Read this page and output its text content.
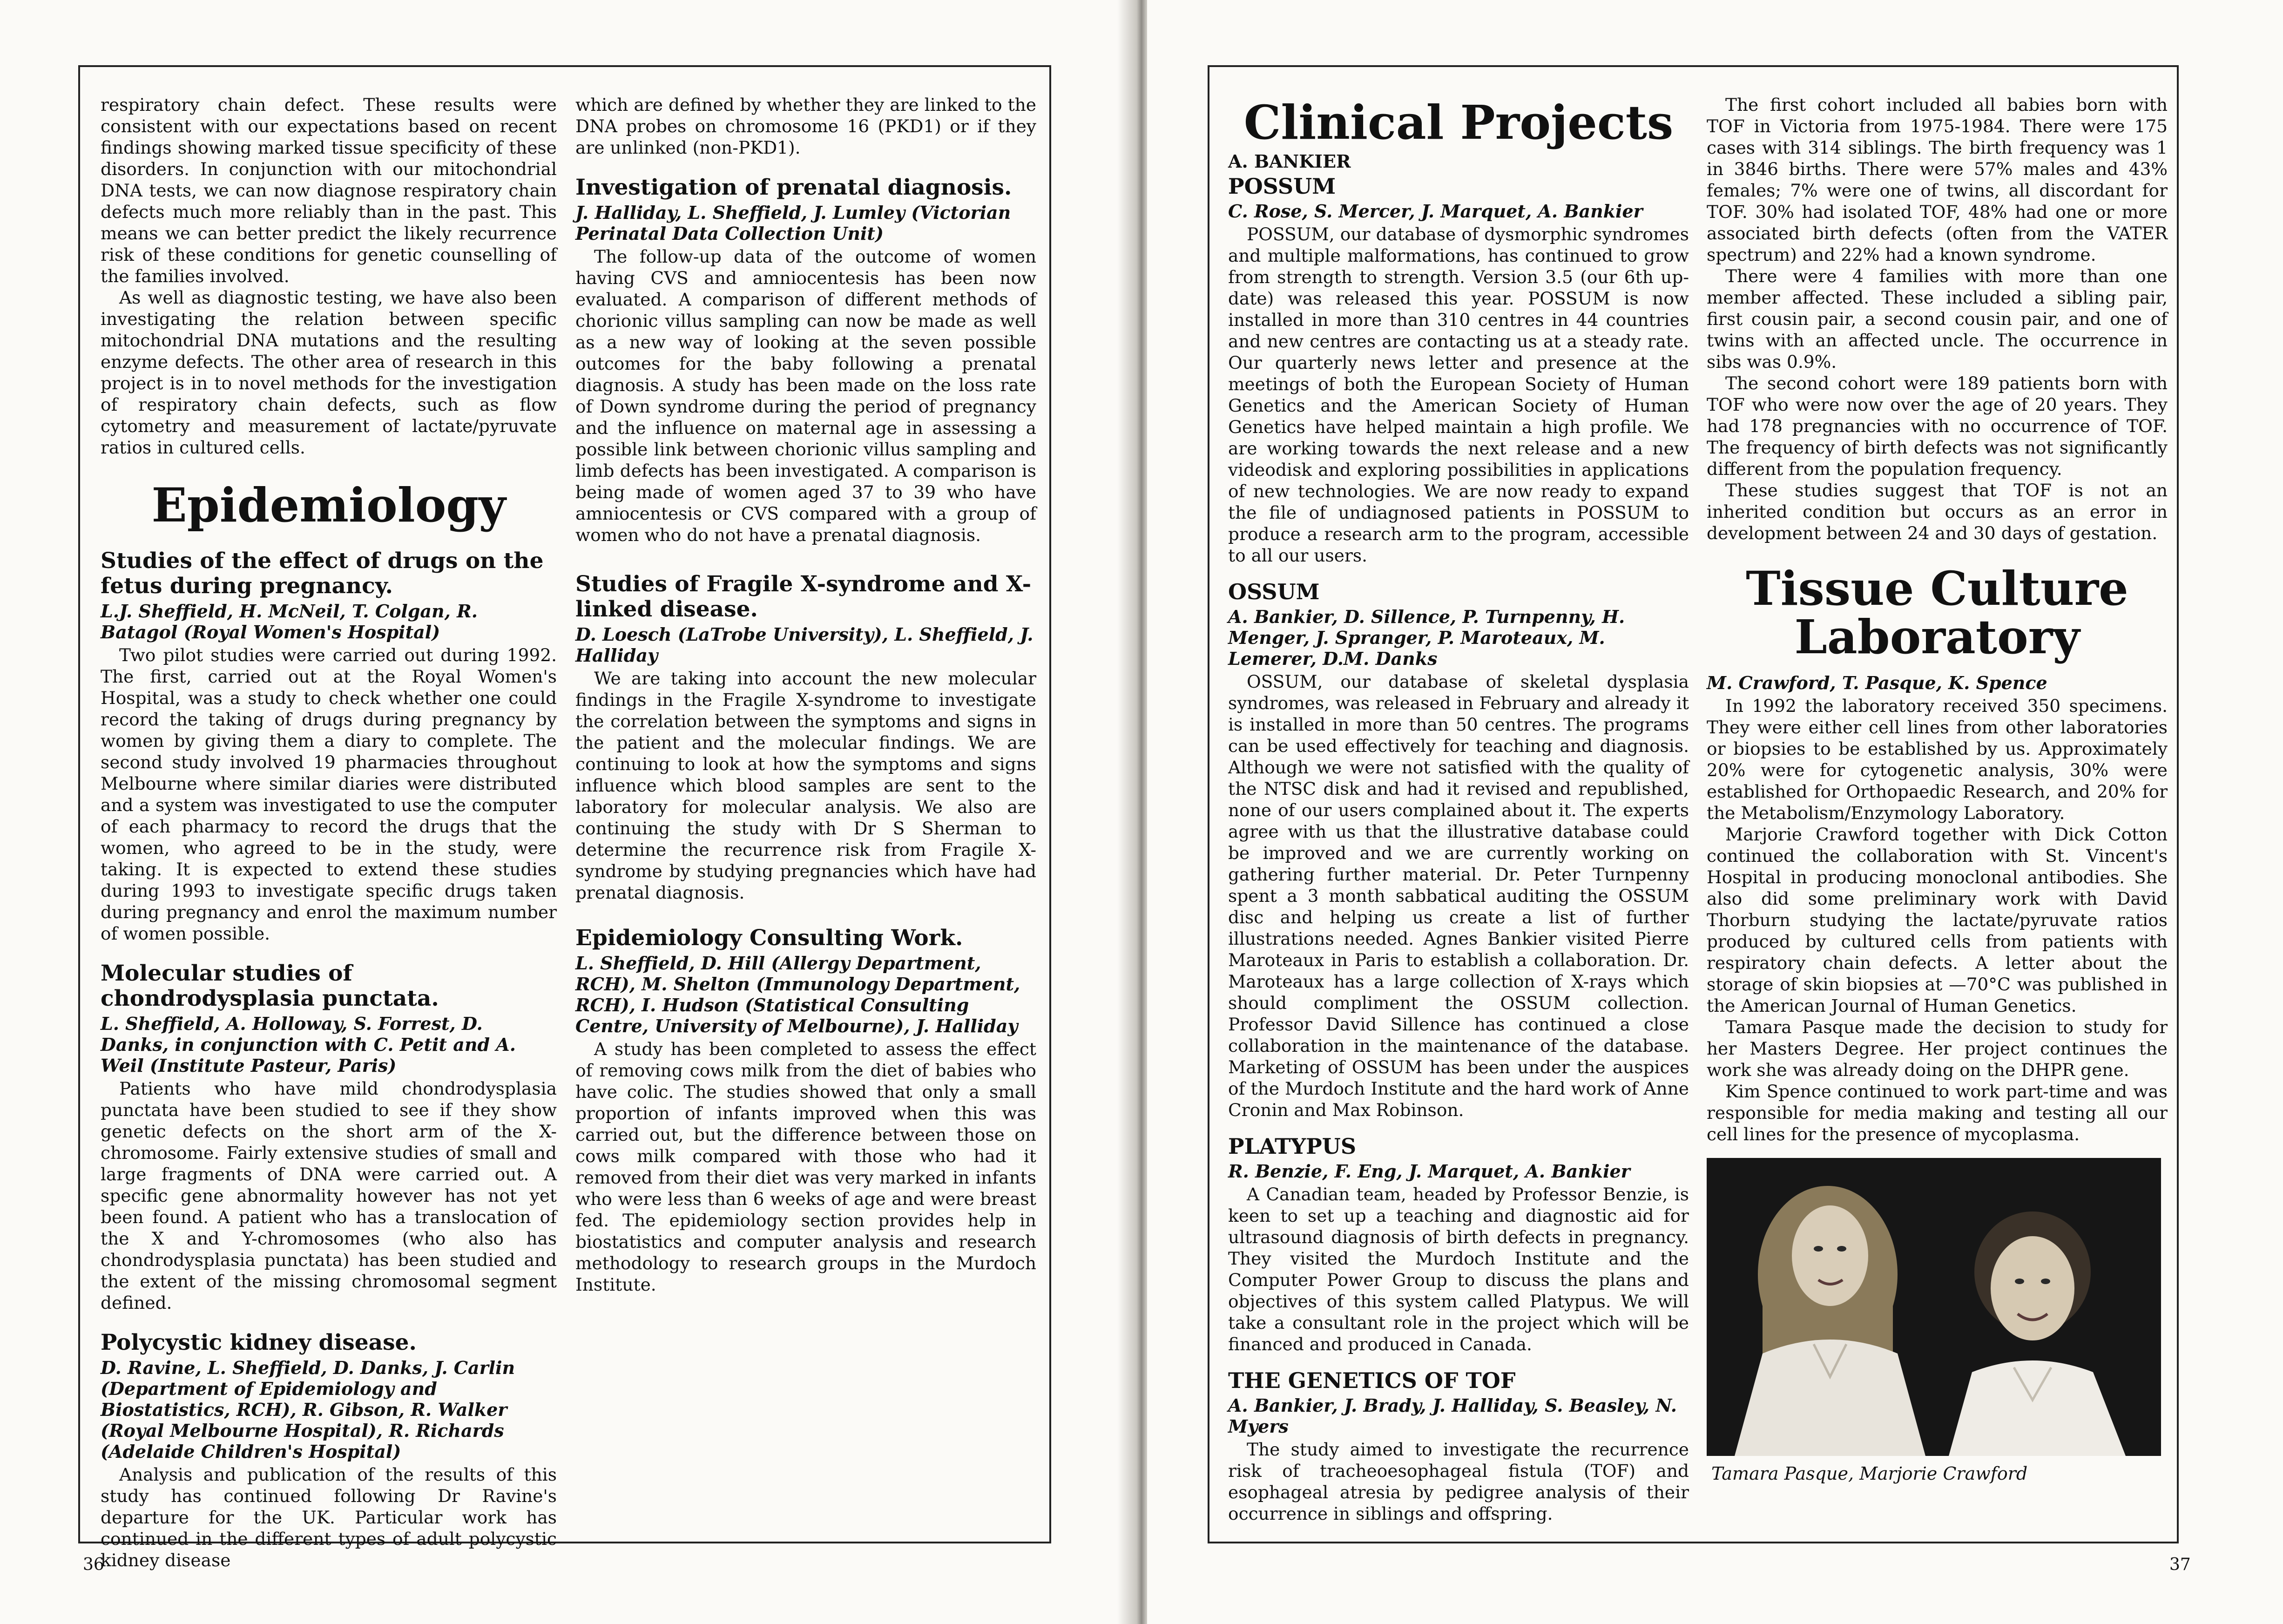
respiratory chain defect. These results were consistent with our expectations based on recent findings showing marked tissue specificity of these disorders. In conjunction with our mitochondrial DNA tests, we can now diagnose respiratory chain defects much more reliably than in the past. This means we can better predict the likely recurrence risk of these conditions for genetic counselling of the families involved.

As well as diagnostic testing, we have also been investigating the relation between specific mitochondrial DNA mutations and the resulting enzyme defects. The other area of research in this project is in to novel methods for the investigation of respiratory chain defects, such as flow cytometry and measurement of lactate/pyruvate ratios in cultured cells.

Epidemiology
Studies of the effect of drugs on the fetus during pregnancy.
L.J. Sheffield, H. McNeil, T. Colgan, R. Batagol (Royal Women's Hospital)

Two pilot studies were carried out during 1992. The first, carried out at the Royal Women's Hospital, was a study to check whether one could record the taking of drugs during pregnancy by women by giving them a diary to complete. The second study involved 19 pharmacies throughout Melbourne where similar diaries were distributed and a system was investigated to use the computer of each pharmacy to record the drugs that the women, who agreed to be in the study, were taking. It is expected to extend these studies during 1993 to investigate specific drugs taken during pregnancy and enrol the maximum number of women possible.

Molecular studies of chondrodysplasia punctata.
L. Sheffield, A. Holloway, S. Forrest, D. Danks, in conjunction with C. Petit and A. Weil (Institute Pasteur, Paris)

Patients who have mild chondrodysplasia punctata have been studied to see if they show genetic defects on the short arm of the X-chromosome. Fairly extensive studies of small and large fragments of DNA were carried out. A specific gene abnormality however has not yet been found. A patient who has a translocation of the X and Y-chromosomes (who also has chondrodysplasia punctata) has been studied and the extent of the missing chromosomal segment defined.

Polycystic kidney disease.
D. Ravine, L. Sheffield, D. Danks, J. Carlin (Department of Epidemiology and Biostatistics, RCH), R. Gibson, R. Walker (Royal Melbourne Hospital), R. Richards (Adelaide Children's Hospital)

Analysis and publication of the results of this study has continued following Dr Ravine's departure for the UK. Particular work has continued in the different types of adult polycystic kidney disease

which are defined by whether they are linked to the DNA probes on chromosome 16 (PKD1) or if they are unlinked (non-PKD1).

Investigation of prenatal diagnosis.
J. Halliday, L. Sheffield, J. Lumley (Victorian Perinatal Data Collection Unit)

The follow-up data of the outcome of women having CVS and amniocentesis has been now evaluated. A comparison of different methods of chorionic villus sampling can now be made as well as a new way of looking at the seven possible outcomes for the baby following a prenatal diagnosis. A study has been made on the loss rate of Down syndrome during the period of pregnancy and the influence on maternal age in assessing a possible link between chorionic villus sampling and limb defects has been investigated. A comparison is being made of women aged 37 to 39 who have amniocentesis or CVS compared with a group of women who do not have a prenatal diagnosis.

Studies of Fragile X-syndrome and X-linked disease.
D. Loesch (LaTrobe University), L. Sheffield, J. Halliday

We are taking into account the new molecular findings in the Fragile X-syndrome to investigate the correlation between the symptoms and signs in the patient and the molecular findings. We are continuing to look at how the symptoms and signs influence which blood samples are sent to the laboratory for molecular analysis. We also are continuing the study with Dr S Sherman to determine the recurrence risk from Fragile X-syndrome by studying pregnancies which have had prenatal diagnosis.

Epidemiology Consulting Work.
L. Sheffield, D. Hill (Allergy Department, RCH), M. Shelton (Immunology Department, RCH), I. Hudson (Statistical Consulting Centre, University of Melbourne), J. Halliday

A study has been completed to assess the effect of removing cows milk from the diet of babies who have colic. The studies showed that only a small proportion of infants improved when this was carried out, but the difference between those on cows milk compared with those who had it removed from their diet was very marked in infants who were less than 6 weeks of age and were breast fed. The epidemiology section provides help in biostatistics and computer analysis and research methodology to research groups in the Murdoch Institute.

36
Clinical Projects
A. BANKIER
POSSUM
C. Rose, S. Mercer, J. Marquet, A. Bankier

POSSUM, our database of dysmorphic syndromes and multiple malformations, has continued to grow from strength to strength. Version 3.5 (our 6th up-date) was released this year. POSSUM is now installed in more than 310 centres in 44 countries and new centres are contacting us at a steady rate. Our quarterly news letter and presence at the meetings of both the European Society of Human Genetics and the American Society of Human Genetics have helped maintain a high profile. We are working towards the next release and a new videodisk and exploring possibilities in applications of new technologies. We are now ready to expand the file of undiagnosed patients in POSSUM to produce a research arm to the program, accessible to all our users.

OSSUM
A. Bankier, D. Sillence, P. Turnpenny, H. Menger, J. Spranger, P. Maroteaux, M. Lemerer, D.M. Danks

OSSUM, our database of skeletal dysplasia syndromes, was released in February and already it is installed in more than 50 centres. The programs can be used effectively for teaching and diagnosis. Although we were not satisfied with the quality of the NTSC disk and had it revised and republished, none of our users complained about it. The experts agree with us that the illustrative database could be improved and we are currently working on gathering further material. Dr. Peter Turnpenny spent a 3 month sabbatical auditing the OSSUM disc and helping us create a list of further illustrations needed. Agnes Bankier visited Pierre Maroteaux in Paris to establish a collaboration. Dr. Maroteaux has a large collection of X-rays which should compliment the OSSUM collection. Professor David Sillence has continued a close collaboration in the maintenance of the database. Marketing of OSSUM has been under the auspices of the Murdoch Institute and the hard work of Anne Cronin and Max Robinson.

PLATYPUS
R. Benzie, F. Eng, J. Marquet, A. Bankier

A Canadian team, headed by Professor Benzie, is keen to set up a teaching and diagnostic aid for ultrasound diagnosis of birth defects in pregnancy. They visited the Murdoch Institute and the Computer Power Group to discuss the plans and objectives of this system called Platypus. We will take a consultant role in the project which will be financed and produced in Canada.

THE GENETICS OF TOF
A. Bankier, J. Brady, J. Halliday, S. Beasley, N. Myers

The study aimed to investigate the recurrence risk of tracheoesophageal fistula (TOF) and esophageal atresia by pedigree analysis of their occurrence in siblings and offspring.

The first cohort included all babies born with TOF in Victoria from 1975-1984. There were 175 cases with 314 siblings. The birth frequency was 1 in 3846 births. There were 57% males and 43% females; 7% were one of twins, all discordant for TOF. 30% had isolated TOF, 48% had one or more associated birth defects (often from the VATER spectrum) and 22% had a known syndrome.

There were 4 families with more than one member affected. These included a sibling pair, first cousin pair, a second cousin pair, and one of twins with an affected uncle. The occurrence in sibs was 0.9%.

The second cohort were 189 patients born with TOF who were now over the age of 20 years. They had 178 pregnancies with no occurrence of TOF. The frequency of birth defects was not significantly different from the population frequency.

These studies suggest that TOF is not an inherited condition but occurs as an error in development between 24 and 30 days of gestation.

Tissue Culture
Laboratory
M. Crawford, T. Pasque, K. Spence

In 1992 the laboratory received 350 specimens. They were either cell lines from other laboratories or biopsies to be established by us. Approximately 20% were for cytogenetic analysis, 30% were established for Orthopaedic Research, and 20% for the Metabolism/Enzymology Laboratory.

Marjorie Crawford together with Dick Cotton continued the collaboration with St. Vincent's Hospital in producing monoclonal antibodies. She also did some preliminary work with David Thorburn studying the lactate/pyruvate ratios produced by cultured cells from patients with respiratory chain defects. A letter about the storage of skin biopsies at —70°C was published in the American Journal of Human Genetics.

Tamara Pasque made the decision to study for her Masters Degree. Her project continues the work she was already doing on the DHPR gene.

Kim Spence continued to work part-time and was responsible for media making and testing all our cell lines for the presence of mycoplasma.

Tamara Pasque, Marjorie Crawford
37
